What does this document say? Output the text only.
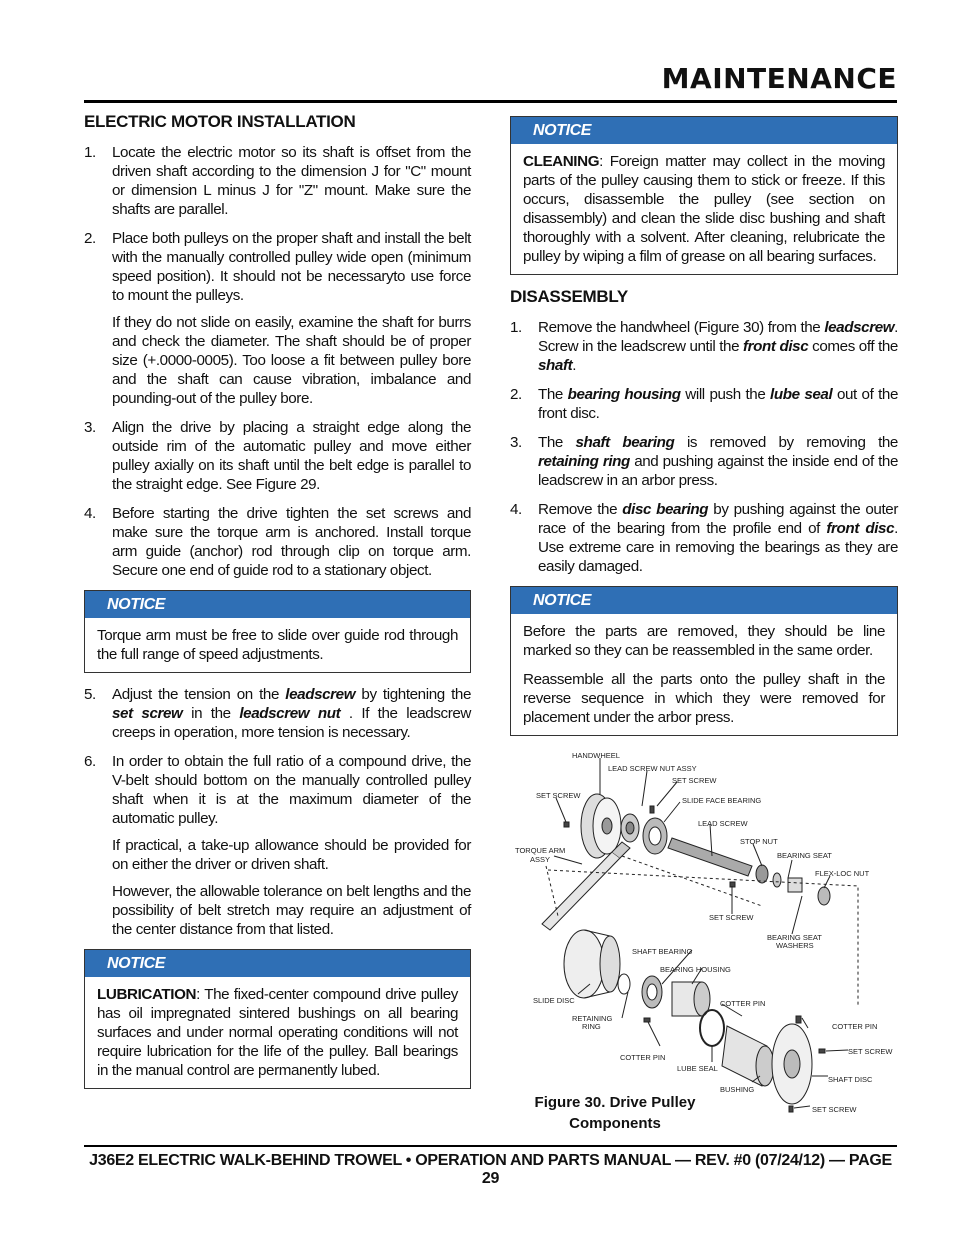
MAINTENANCE
ELECTRIC MOTOR INSTALLATION
1.	Locate the electric motor so its shaft is offset from the driven shaft according to the dimension J for "C" mount or dimension L minus J for "Z" mount. Make sure the shafts are parallel.
2.	Place both pulleys on the proper shaft and install the belt with the manually controlled pulley wide open (minimum speed position). It should not be necessaryto use force to mount the pulleys.
If they do not slide on easily, examine the shaft for burrs and check the diameter. The shaft should be of proper size (+.0000-0005). Too loose a fit between pulley bore and the shaft can cause vibration, imbalance and pounding-out of the pulley bore.
3.	Align the drive by placing a straight edge along the outside rim of the automatic pulley and move either pulley axially on its shaft until the belt edge is parallel to the straight edge. See Figure 29.
4.	Before starting the drive tighten the set screws and make sure the torque arm is anchored. Install torque arm guide (anchor) rod through clip on torque arm. Secure one end of guide rod to a stationary object.
NOTICE

Torque arm must be free to slide over guide rod through the full range of speed adjustments.

5.	Adjust the tension on the leadscrew by tightening the set screw in the leadscrew nut . If the leadscrew creeps in operation, more tension is necessary.
6.	In order to obtain the full ratio of a compound drive, the V-belt should bottom on the manually controlled pulley shaft when it is at the maximum diameter of the automatic pulley.
If practical, a take-up allowance should be provided for on either the driver or driven shaft.
However, the allowable tolerance on belt lengths and the possibility of belt stretch may require an adjustment of the center distance from that listed.
NOTICE

LUBRICATION: The fixed-center compound drive pulley has oil impregnated sintered bushings on all bearing surfaces and under normal operating conditions will not require lubrication for the life of the pulley. Ball bearings in the manual control are permanently lubed.

NOTICE

CLEANING: Foreign matter may collect in the moving parts of the pulley causing them to stick or freeze. If this occurs, disassemble the pulley (see section on disassembly) and clean the slide disc bushing and shaft thoroughly with a solvent. After cleaning, relubricate the pulley by wiping a film of grease on all bearing surfaces.

DISASSEMBLY
1.	Remove the handwheel (Figure 30) from the leadscrew. Screw in the leadscrew until the front disc comes off the shaft.
2.	The bearing housing will push the lube seal out of the front disc.
3.	The shaft bearing is removed by removing the retaining ring and pushing against the inside end of the leadscrew in an arbor press.
4.	Remove the disc bearing by pushing against the outer race of the bearing from the profile end of front disc. Use extreme care in removing the bearings as they are easily damaged.
NOTICE

Before the parts are removed, they should be line marked so they can be reassembled in the same order.

Reassemble all the parts onto the pulley shaft in the reverse sequence in which they were removed for placement under the arbor press.

HANDWHEEL
LEAD SCREW NUT ASSY
SET SCREW
SET SCREW
SLIDE FACE BEARING
LEAD SCREW
STOP NUT
TORQUE ARM
ASSY	BEARING SEAT
FLEX-LOC NUT
SET SCREW
BEARING SEAT
WASHERS
SHAFT BEARING
BEARING HOUSING
SLIDE DISC	COTTER PIN
RETAINING
RING	COTTER PIN
COTTER PIN
LUBE SEAL
SET SCREW
SHAFT DISC
BUSHING
SET SCREW
Figure 30. Drive Pulley
Components
J36E2 ELECTRIC WALK-BEHIND TROWEL • OPERATION AND PARTS MANUAL — REV. #0 (07/24/12) — PAGE 29
